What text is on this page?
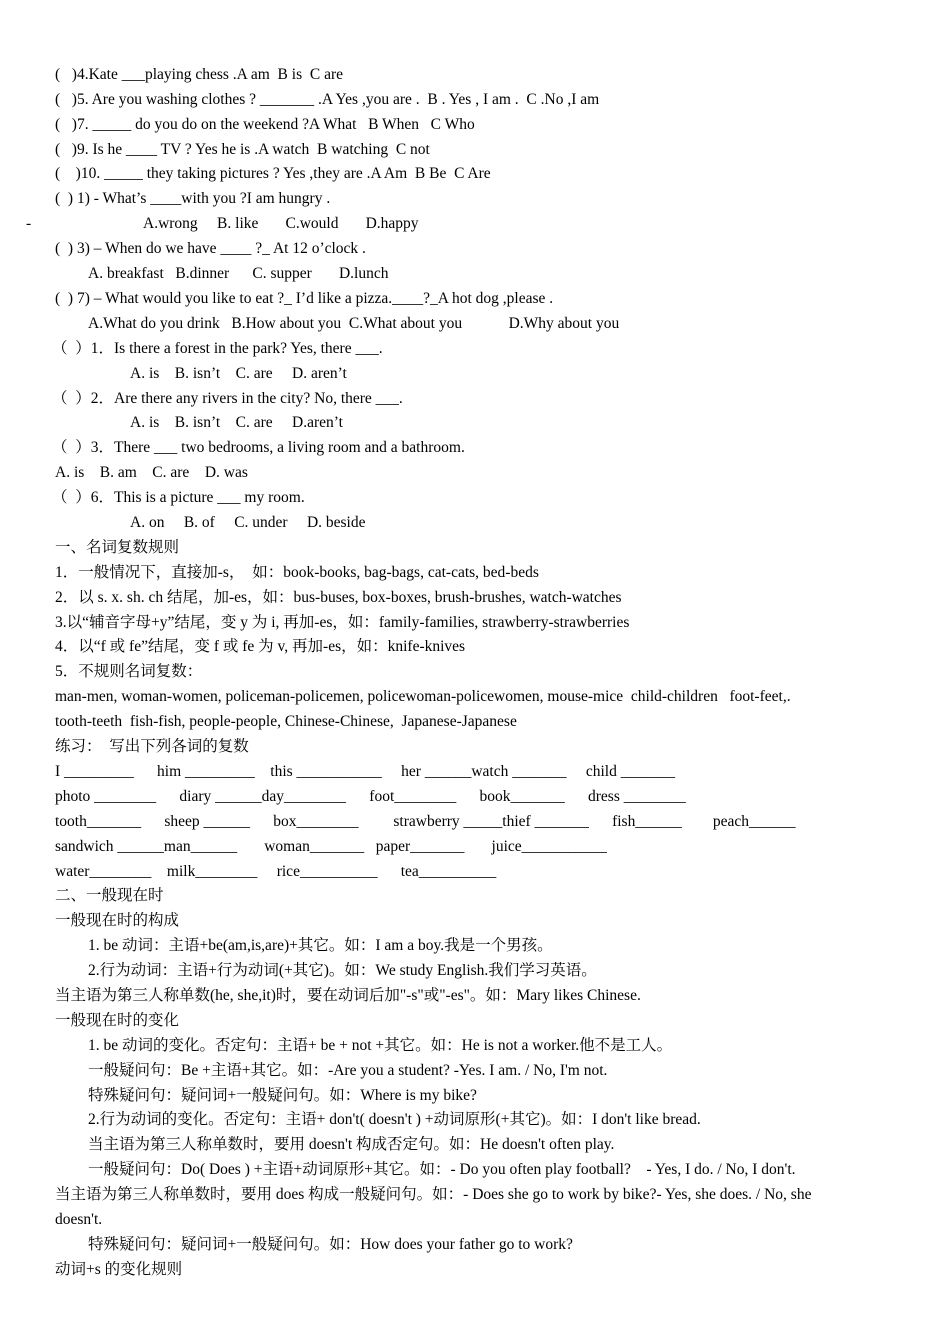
-
(   )4.Kate ___playing chess .A am  B is  C are
(   )5. Are you washing clothes ? _______ .A Yes ,you are .  B . Yes , I am .  C .No ,I am
(   )7. _____ do you do on the weekend ?A What   B When   C Who
(   )9. Is he ____ TV ? Yes he is .A watch  B watching  C not
(    )10. _____ they taking pictures ? Yes ,they are .A Am  B Be  C Are
(  ) 1) - What’s ____with you ?I am hungry .
A.wrong     B. like       C.would       D.happy
(  ) 3) – When do we have ____ ?_ At 12 o’clock .
A. breakfast   B.dinner      C. supper       D.lunch
(  ) 7) – What would you like to eat ?_ I’d like a pizza.____?_A hot dog ,please .
A.What do you drink   B.How about you  C.What about you            D.Why about you
（  ）1．Is there a forest in the park? Yes, there ___.
A. is    B. isn’t    C. are     D. aren’t
（  ）2．Are there any rivers in the city? No, there ___.
A. is    B. isn’t    C. are     D.aren’t
（  ）3．There ___ two bedrooms, a living room and a bathroom.
A. is    B. am    C. are    D. was
（  ）6．This is a picture ___ my room.
A. on     B. of     C. under     D. beside
一、名词复数规则
1．一般情况下，直接加-s，  如：book-books, bag-bags, cat-cats, bed-beds
2．以 s. x. sh. ch 结尾，加-es，如：bus-buses, box-boxes, brush-brushes, watch-watches
3.以“辅音字母+y”结尾，变 y 为 i, 再加-es，如：family-families, strawberry-strawberries
4．以“f 或 fe”结尾，变 f 或 fe 为 v, 再加-es，如：knife-knives
5．不规则名词复数：
man-men, woman-women, policeman-policemen, policewoman-policewomen, mouse-mice  child-children   foot-feet,.
tooth-teeth  fish-fish, people-people, Chinese-Chinese,  Japanese-Japanese
练习：  写出下列各词的复数
I _________      him _________    this ___________     her ______watch _______     child _______
photo ________      diary ______day________      foot________      book_______      dress ________
tooth_______      sheep ______      box________         strawberry _____thief _______      fish______        peach______
sandwich ______man______       woman_______   paper_______       juice___________
water________    milk________     rice__________      tea__________
二、一般现在时
一般现在时的构成
1. be 动词：主语+be(am,is,are)+其它。如：I am a boy.我是一个男孩。
2.行为动词：主语+行为动词(+其它)。如：We study English.我们学习英语。
当主语为第三人称单数(he, she,it)时，要在动词后加"-s"或"-es"。如：Mary likes Chinese.
一般现在时的变化
1. be 动词的变化。否定句：主语+ be + not +其它。如：He is not a worker.他不是工人。
一般疑问句：Be +主语+其它。如：-Are you a student? -Yes. I am. / No, I'm not.
特殊疑问句：疑问词+一般疑问句。如：Where is my bike?
2.行为动词的变化。否定句：主语+ don't( doesn't ) +动词原形(+其它)。如：I don't like bread.
当主语为第三人称单数时，要用 doesn't 构成否定句。如：He doesn't often play.
一般疑问句：Do( Does ) +主语+动词原形+其它。如：- Do you often play football?    - Yes, I do. / No, I don't.
当主语为第三人称单数时，要用 does 构成一般疑问句。如：- Does she go to work by bike?- Yes, she does. / No, she
doesn't.
特殊疑问句：疑问词+一般疑问句。如：How does your father go to work?
动词+s 的变化规则
